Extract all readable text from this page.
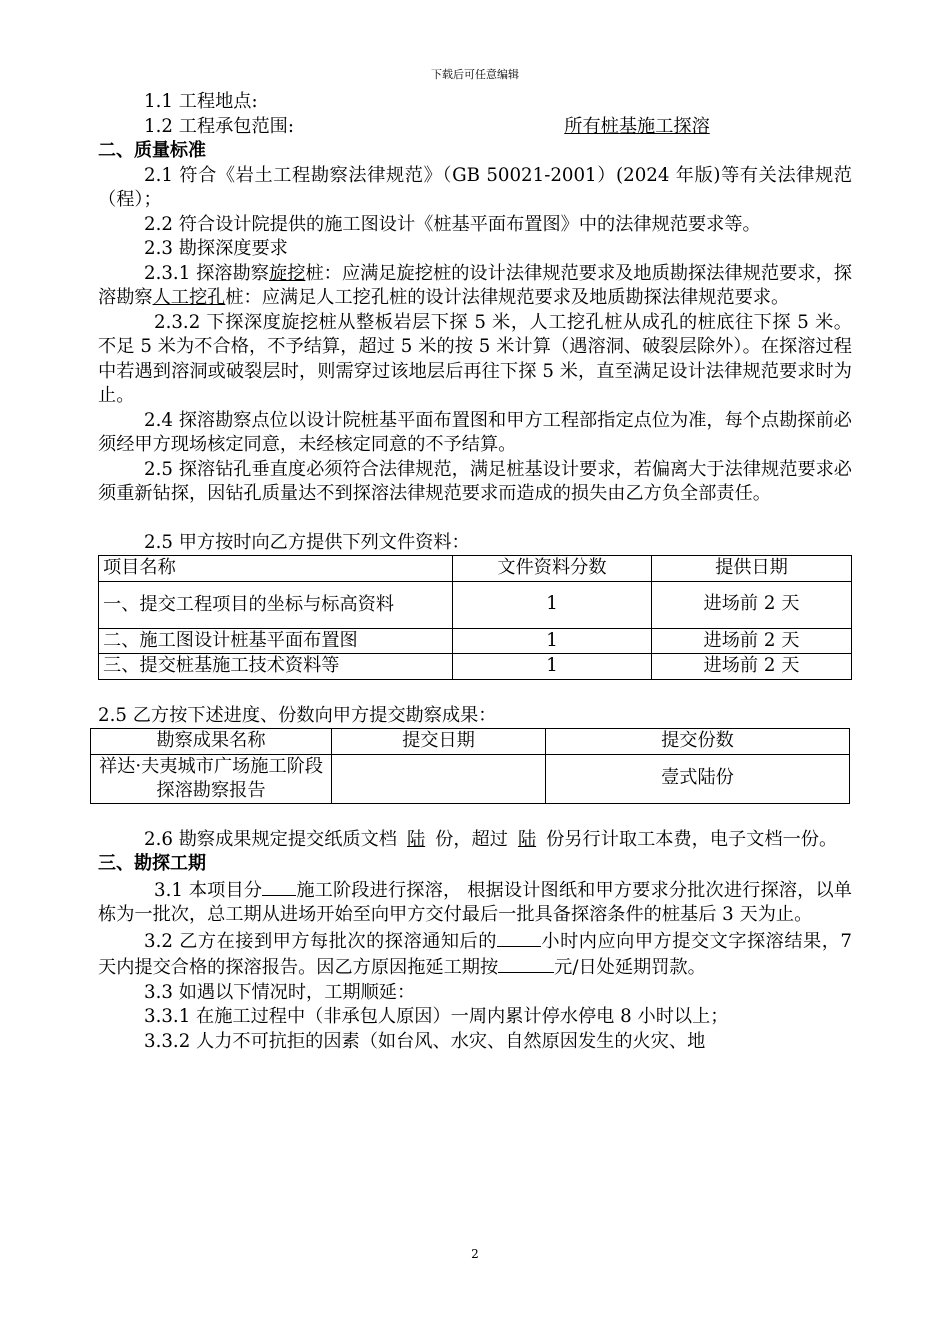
下载后可任意编辑

1.1 工程地点:

1.2 工程承包范围:	所有桩基施工探溶

二、质量标准

2.1 符合《岩土工程勘察法律规范》（GB 50021-2001）(2024 年版)等有关法律规范（程）；

2.2 符合设计院提供的施工图设计《桩基平面布置图》中的法律规范要求等。

2.3 勘探深度要求

2.3.1 探溶勘察旋挖桩：应满足旋挖桩的设计法律规范要求及地质勘探法律规范要求，探溶勘察人工挖孔桩：应满足人工挖孔桩的设计法律规范要求及地质勘探法律规范要求。

2.3.2 下探深度旋挖桩从整板岩层下探 5 米，人工挖孔桩从成孔的桩底往下探 5 米。不足 5 米为不合格，不予结算，超过 5 米的按 5 米计算（遇溶洞、破裂层除外）。在探溶过程中若遇到溶洞或破裂层时，则需穿过该地层后再往下探 5 米，直至满足设计法律规范要求时为止。

2.4 探溶勘察点位以设计院桩基平面布置图和甲方工程部指定点位为准，每个点勘探前必须经甲方现场核定同意，未经核定同意的不予结算。

2.5 探溶钻孔垂直度必须符合法律规范，满足桩基设计要求，若偏离大于法律规范要求必须重新钻探，因钻孔质量达不到探溶法律规范要求而造成的损失由乙方负全部责任。

2.5 甲方按时向乙方提供下列文件资料：

项目名称	文件资料分数	提供日期
一、提交工程项目的坐标与标高资料	1	进场前 2 天
二、施工图设计桩基平面布置图	1	进场前 2 天
三、提交桩基施工技术资料等	1	进场前 2 天

2.5 乙方按下述进度、份数向甲方提交勘察成果：

勘察成果名称	提交日期	提交份数
祥达·夫夷城市广场施工阶段探溶勘察报告		壹式陆份

2.6 勘察成果规定提交纸质文档 陆 份，超过 陆 份另行计取工本费，电子文档一份。

三、勘探工期

3.1 本项目分 施工阶段进行探溶， 根据设计图纸和甲方要求分批次进行探溶，以单栋为一批次，总工期从进场开始至向甲方交付最后一批具备探溶条件的桩基后 3 天为止。

3.2 乙方在接到甲方每批次的探溶通知后的 小时内应向甲方提交文字探溶结果，7 天内提交合格的探溶报告。因乙方原因拖延工期按	元/日处延期罚款。

3.3 如遇以下情况时，工期顺延：

3.3.1 在施工过程中（非承包人原因）一周内累计停水停电 8 小时以上；

3.3.2 人力不可抗拒的因素（如台风、水灾、自然原因发生的火灾、地

2
